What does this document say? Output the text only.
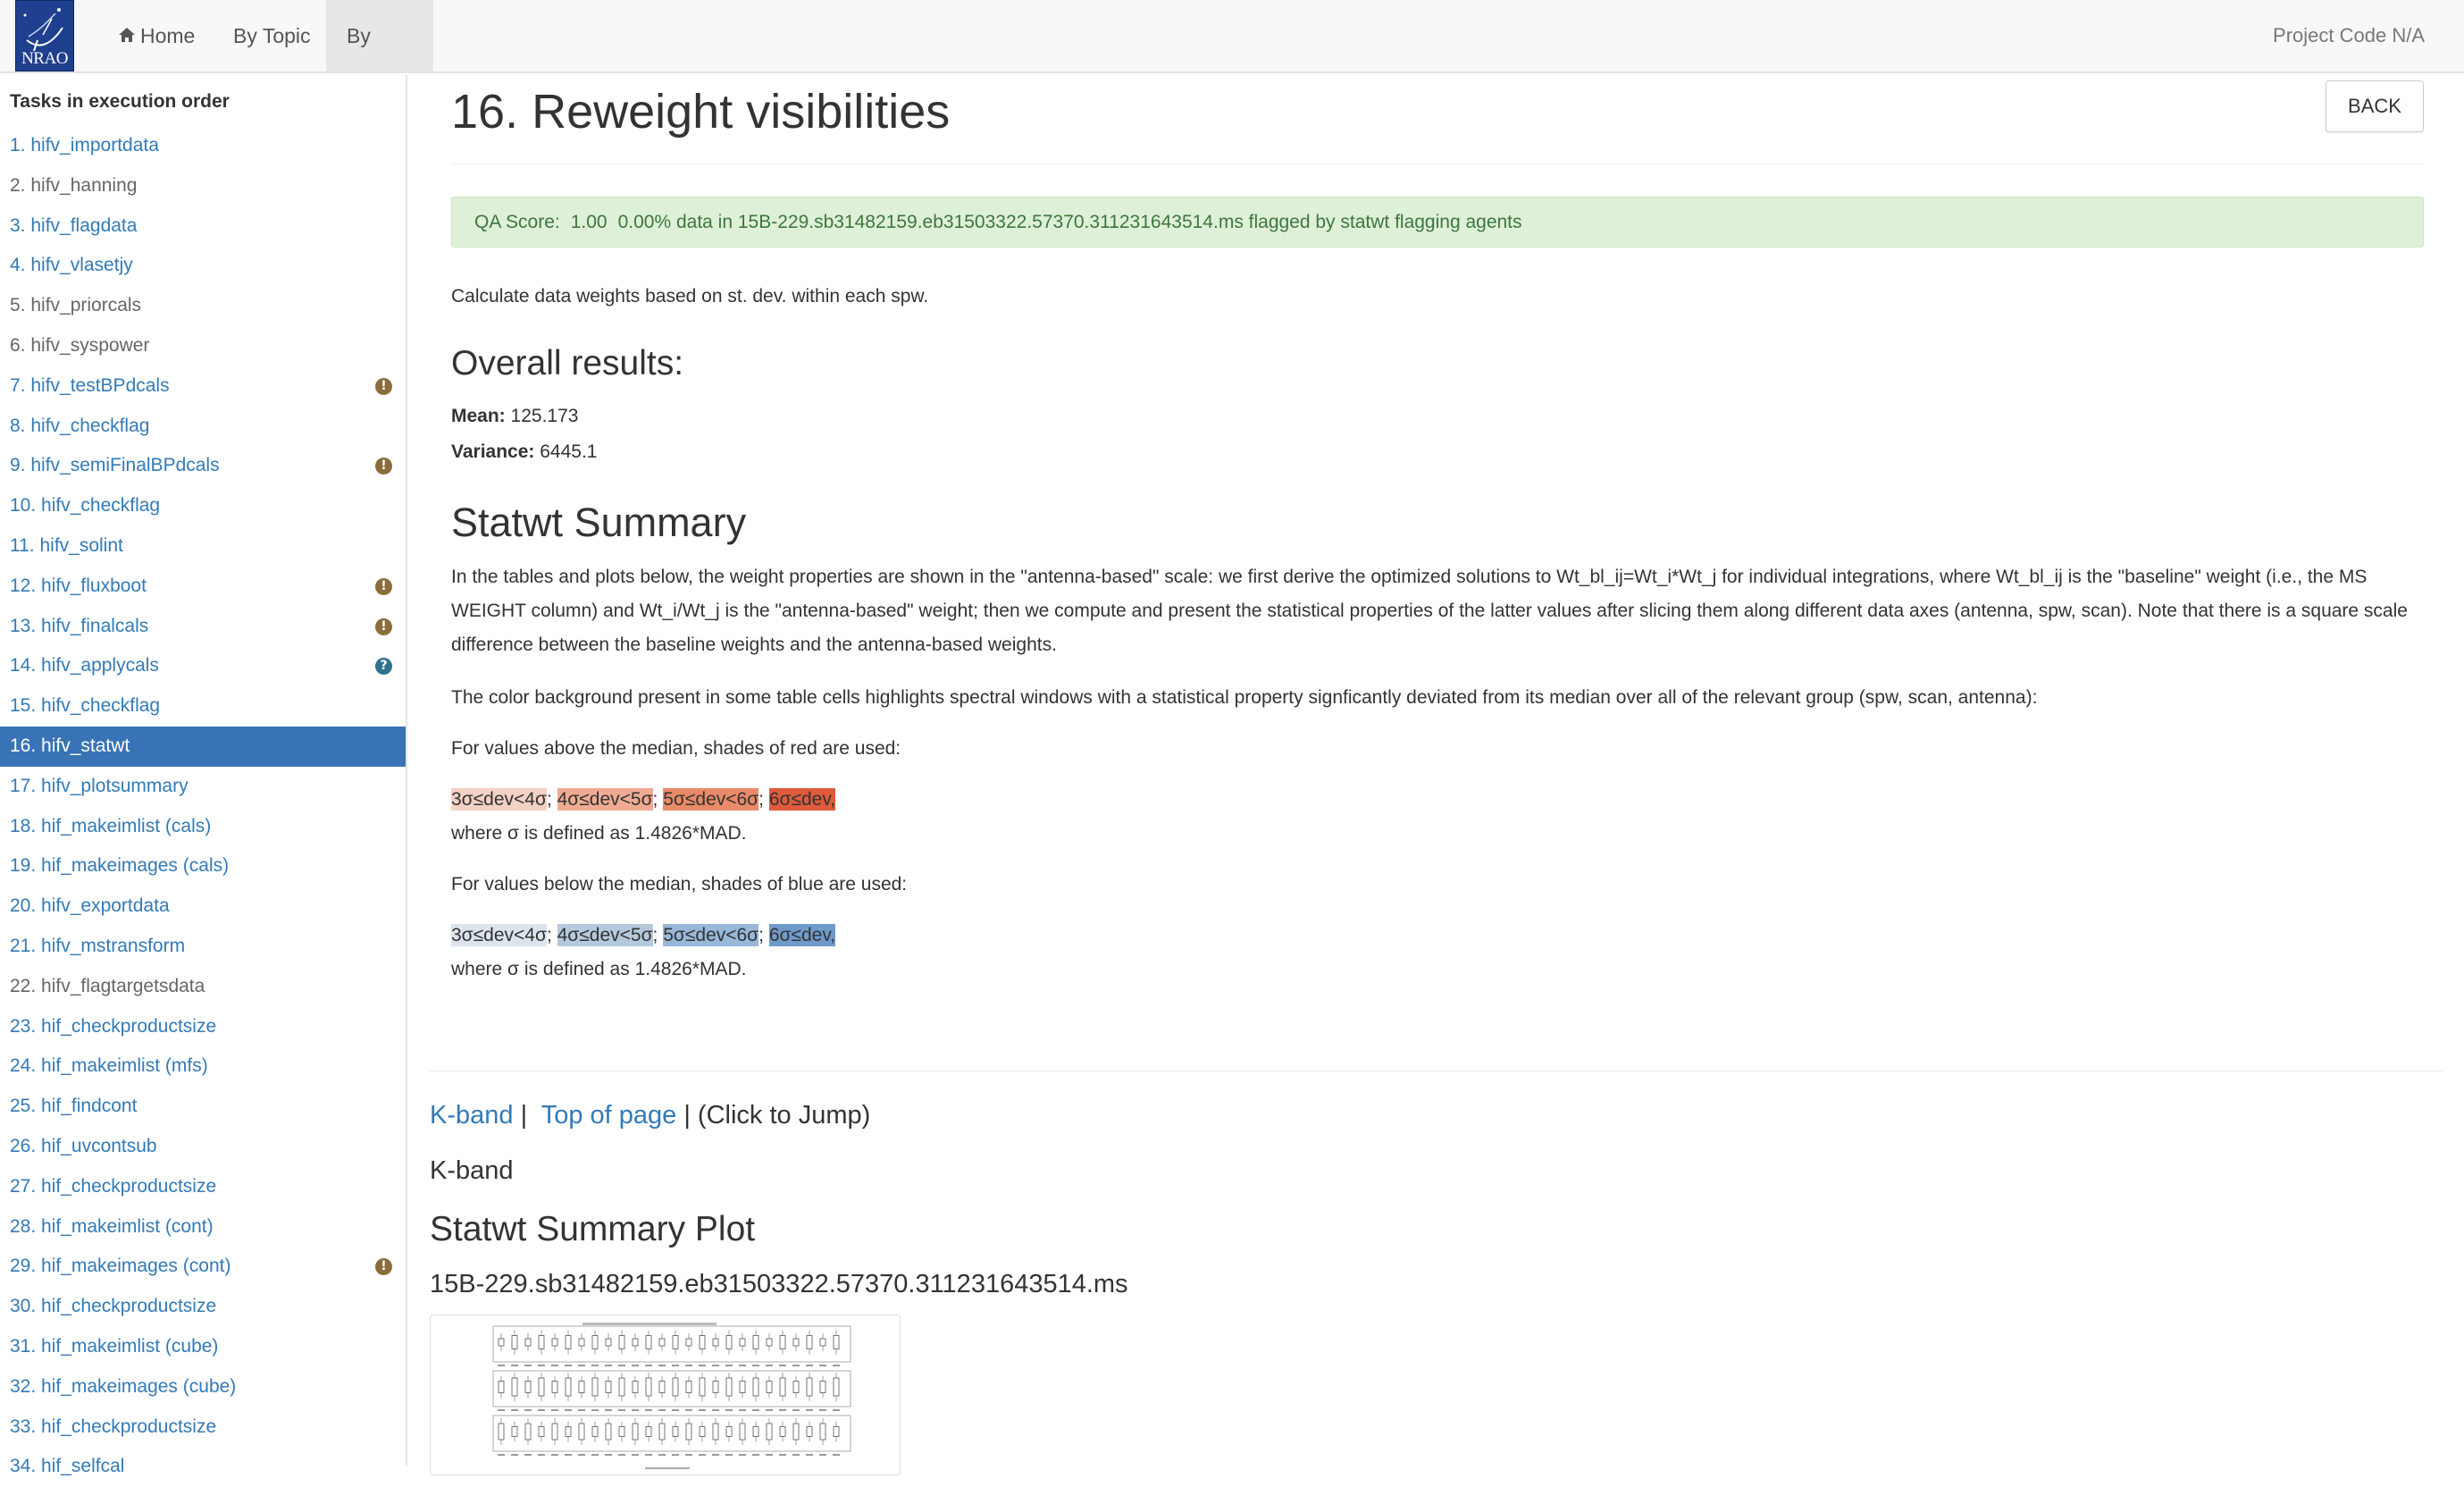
NRAO
Home	By Topic	By	Project Code N/A
Tasks in execution order
1. hifv_importdata
2. hifv_hanning
3. hifv_flagdata
4. hifv_vlasetjy
5. hifv_priorcals
6. hifv_syspower
7. hifv_testBPdcals	!
8. hifv_checkflag
9. hifv_semiFinalBPdcals	!
10. hifv_checkflag
11. hifv_solint
12. hifv_fluxboot	!
13. hifv_finalcals	!
14. hifv_applycals	?
15. hifv_checkflag
16. hifv_statwt
17. hifv_plotsummary
18. hif_makeimlist (cals)
19. hif_makeimages (cals)
20. hifv_exportdata
21. hifv_mstransform
22. hifv_flagtargetsdata
23. hif_checkproductsize
24. hif_makeimlist (mfs)
25. hif_findcont
26. hif_uvcontsub
27. hif_checkproductsize
28. hif_makeimlist (cont)
29. hif_makeimages (cont)	!
30. hif_checkproductsize
31. hif_makeimlist (cube)
32. hif_makeimages (cube)
33. hif_checkproductsize
34. hif_selfcal
16. Reweight visibilities	BACK
QA Score: 1.00 0.00% data in 15B-229.sb31482159.eb31503322.57370.311231643514.ms flagged by statwt flagging agents

Calculate data weights based on st. dev. within each spw.

Overall results:
Mean: 125.173
Variance: 6445.1
Statwt Summary

In the tables and plots below, the weight properties are shown in the "antenna-based" scale: we first derive the optimized solutions to Wt_bl_ij=Wt_i*Wt_j for individual integrations, where Wt_bl_ij is the "baseline" weight (i.e., the MS WEIGHT column) and Wt_i/Wt_j is the "antenna-based" weight; then we compute and present the statistical properties of the latter values after slicing them along different data axes (antenna, spw, scan). Note that there is a square scale difference between the baseline weights and the antenna-based weights.

The color background present in some table cells highlights spectral windows with a statistical property signficantly deviated from its median over all of the relevant group (spw, scan, antenna):

For values above the median, shades of red are used:

3σ≤dev<4σ; 4σ≤dev<5σ; 5σ≤dev<6σ; 6σ≤dev,

where σ is defined as 1.4826*MAD.

For values below the median, shades of blue are used:

3σ≤dev<4σ; 4σ≤dev<5σ; 5σ≤dev<6σ; 6σ≤dev,

where σ is defined as 1.4826*MAD.

K-band |  Top of page | (Click to Jump)
K-band
Statwt Summary Plot
15B-229.sb31482159.eb31503322.57370.311231643514.ms
